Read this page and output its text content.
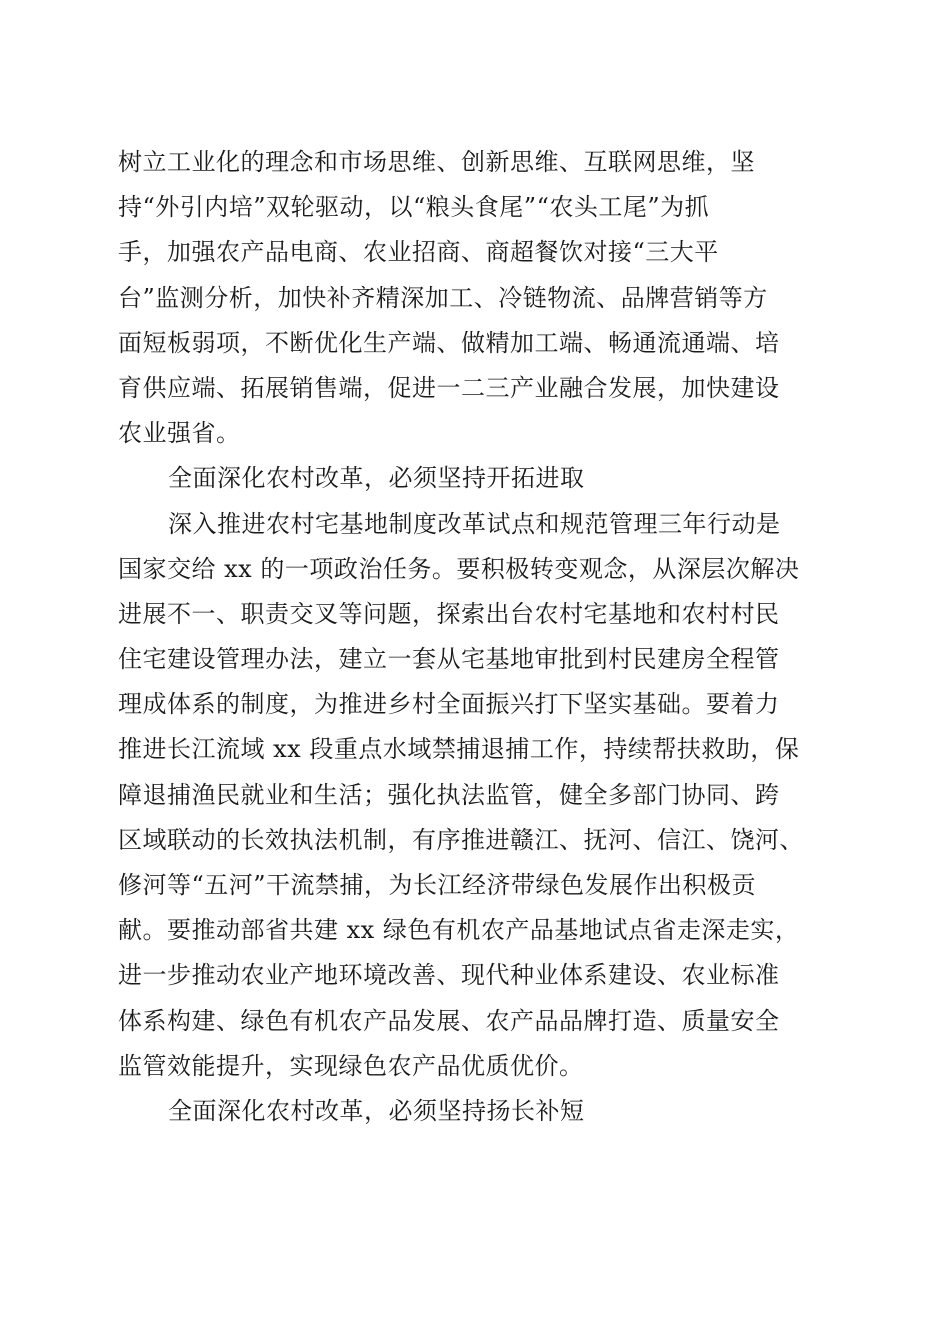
树立工业化的理念和市场思维、创新思维、互联网思维，坚
持“外引内培”双轮驱动，以“粮头食尾”“农头工尾”为抓
手，加强农产品电商、农业招商、商超餐饮对接“三大平
台”监测分析，加快补齐精深加工、冷链物流、品牌营销等方
面短板弱项，不断优化生产端、做精加工端、畅通流通端、培
育供应端、拓展销售端，促进一二三产业融合发展，加快建设
农业强省。
全面深化农村改革，必须坚持开拓进取
深入推进农村宅基地制度改革试点和规范管理三年行动是
国家交给 xx 的一项政治任务。要积极转变观念，从深层次解决
进展不一、职责交叉等问题，探索出台农村宅基地和农村村民
住宅建设管理办法，建立一套从宅基地审批到村民建房全程管
理成体系的制度，为推进乡村全面振兴打下坚实基础。要着力
推进长江流域 xx 段重点水域禁捕退捕工作，持续帮扶救助，保
障退捕渔民就业和生活；强化执法监管，健全多部门协同、跨
区域联动的长效执法机制，有序推进赣江、抚河、信江、饶河、
修河等“五河”干流禁捕，为长江经济带绿色发展作出积极贡
献。要推动部省共建 xx 绿色有机农产品基地试点省走深走实，
进一步推动农业产地环境改善、现代种业体系建设、农业标准
体系构建、绿色有机农产品发展、农产品品牌打造、质量安全
监管效能提升，实现绿色农产品优质优价。
全面深化农村改革，必须坚持扬长补短
